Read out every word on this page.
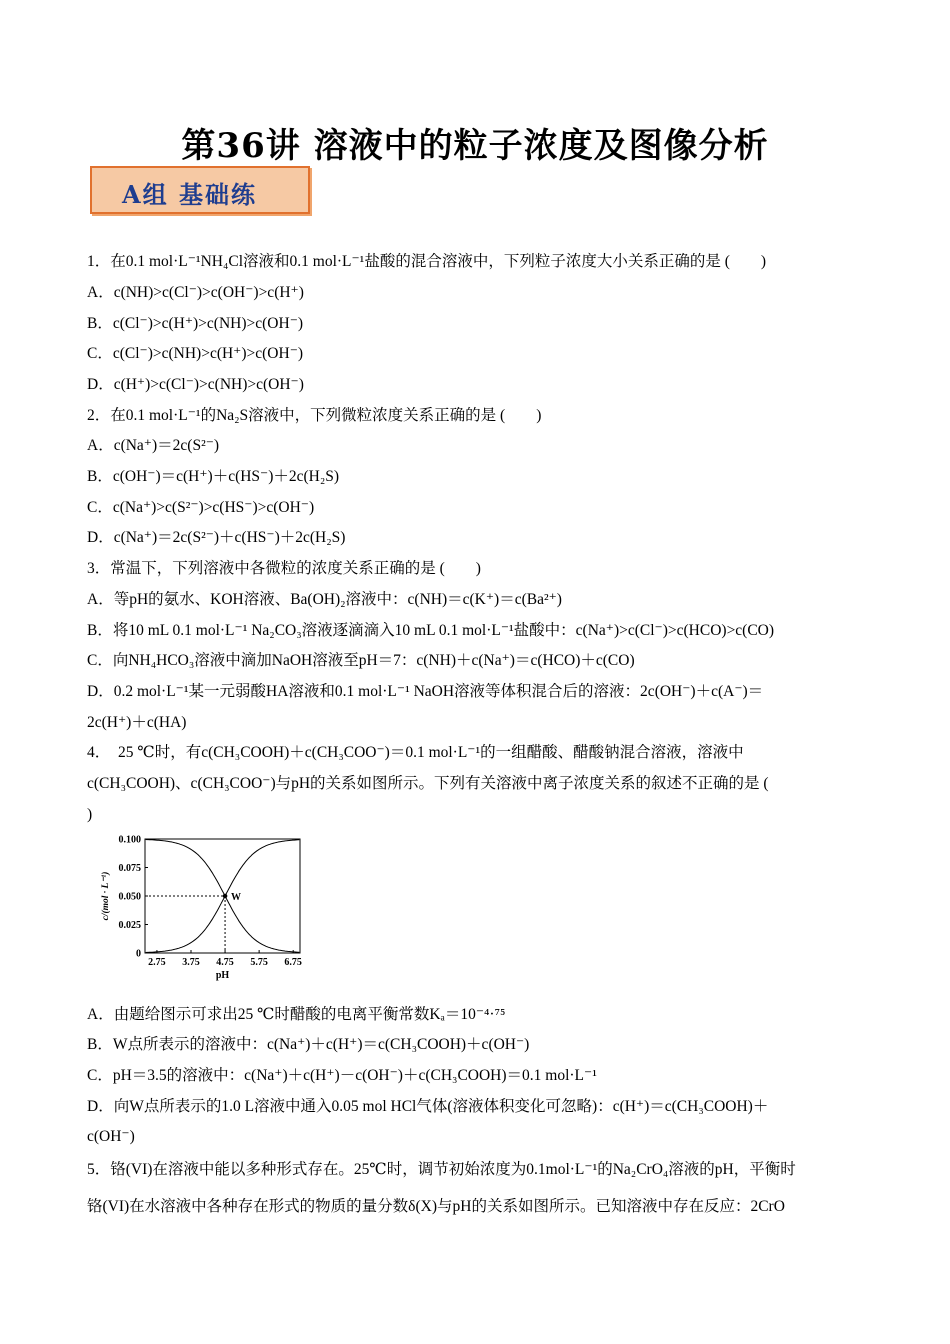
第36讲 溶液中的粒子浓度及图像分析
A组 基础练
1．在0.1 mol·L⁻¹NH₄Cl溶液和0.1 mol·L⁻¹盐酸的混合溶液中，下列粒子浓度大小关系正确的是 (　　)
A．c(NH)>c(Cl⁻)>c(OH⁻)>c(H⁺)
B．c(Cl⁻)>c(H⁺)>c(NH)>c(OH⁻)
C．c(Cl⁻)>c(NH)>c(H⁺)>c(OH⁻)
D．c(H⁺)>c(Cl⁻)>c(NH)>c(OH⁻)
2．在0.1 mol·L⁻¹的Na₂S溶液中，下列微粒浓度关系正确的是 (　　)
A．c(Na⁺)＝2c(S²⁻)
B．c(OH⁻)＝c(H⁺)＋c(HS⁻)＋2c(H₂S)
C．c(Na⁺)>c(S²⁻)>c(HS⁻)>c(OH⁻)
D．c(Na⁺)＝2c(S²⁻)＋c(HS⁻)＋2c(H₂S)
3．常温下，下列溶液中各微粒的浓度关系正确的是 (　　)
A．等pH的氨水、KOH溶液、Ba(OH)₂溶液中：c(NH)＝c(K⁺)＝c(Ba²⁺)
B．将10 mL 0.1 mol·L⁻¹ Na₂CO₃溶液逐滴滴入10 mL 0.1 mol·L⁻¹盐酸中：c(Na⁺)>c(Cl⁻)>c(HCO)>c(CO)
C．向NH₄HCO₃溶液中滴加NaOH溶液至pH＝7：c(NH)＋c(Na⁺)＝c(HCO)＋c(CO)
D．0.2 mol·L⁻¹某一元弱酸HA溶液和0.1 mol·L⁻¹ NaOH溶液等体积混合后的溶液：2c(OH⁻)＋c(A⁻)＝
2c(H⁺)＋c(HA)
4．　25 ℃时，有c(CH₃COOH)＋c(CH₃COO⁻)＝0.1 mol·L⁻¹的一组醋酸、醋酸钠混合溶液，溶液中
c(CH₃COOH)、c(CH₃COO⁻)与pH的关系如图所示。下列有关溶液中离子浓度关系的叙述不正确的是 (
)
2.75 3.75 4.75 5.75 6.75
0
0.025
0.050
0.075
0.100
pH
c/(mol · L⁻¹)	W
A．由题给图示可求出25 ℃时醋酸的电离平衡常数Kₐ＝10⁻⁴·⁷⁵
B．W点所表示的溶液中：c(Na⁺)＋c(H⁺)＝c(CH₃COOH)＋c(OH⁻)
C．pH＝3.5的溶液中：c(Na⁺)＋c(H⁺)－c(OH⁻)＋c(CH₃COOH)＝0.1 mol·L⁻¹
D．向W点所表示的1.0 L溶液中通入0.05 mol HCl气体(溶液体积变化可忽略)：c(H⁺)＝c(CH₃COOH)＋
c(OH⁻)
5．铬(VI)在溶液中能以多种形式存在。25℃时，调节初始浓度为0.1mol·L⁻¹的Na₂CrO₄溶液的pH，平衡时
铬(VI)在水溶液中各种存在形式的物质的量分数δ(X)与pH的关系如图所示。已知溶液中存在反应：2CrO
